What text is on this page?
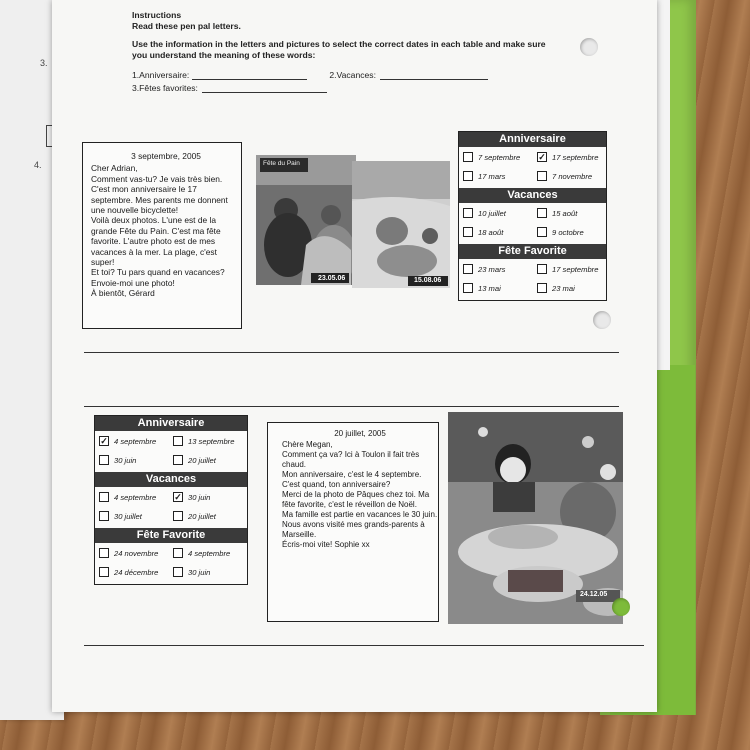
3.
4.
Instructions
Read these pen pal letters.
Use the information in the letters and pictures to select the correct dates in each table and make sure
you understand the meaning of these words:
1.Anniversaire:	2.Vacances:
3.Fêtes favorites:
3 septembre, 2005
Cher Adrian,
Comment vas-tu? Je vais très bien.
C'est mon anniversaire le 17
septembre. Mes parents me donnent
une nouvelle bicyclette!
Voilà deux photos. L'une est de la
grande Fête du Pain. C'est ma fête
favorite. L'autre photo est de mes
vacances à la mer. La plage, c'est
super!
Et toi? Tu pars quand en vacances?
Envoie-moi une photo!
À bientôt, Gérard
Fête du Pain
23.05.06	15.08.06
Anniversaire
7 septembre ✓ 17 septembre
17 mars	7 novembre
Vacances
10 juillet	15 août
18 août	9 octobre
Fête Favorite
23 mars	17 septembre
13 mai	23 mai
Anniversaire
✓ 4 septembre	13 septembre
30 juin	20 juillet
Vacances
4 septembre ✓ 30 juin
30 juillet	20 juillet
Fête Favorite
24 novembre	4 septembre
24 décembre	30 juin
20 juillet, 2005
Chère Megan,
Comment ça va? Ici à Toulon il fait très
chaud.
Mon anniversaire, c'est le 4 septembre.
C'est quand, ton anniversaire?
Merci de la photo de Pâques chez toi. Ma
fête favorite, c'est le réveillon de Noël.
Ma famille est partie en vacances le 30 juin.
Nous avons visité mes grands-parents à
Marseille.
Écris-moi vite! Sophie xx
24.12.05
